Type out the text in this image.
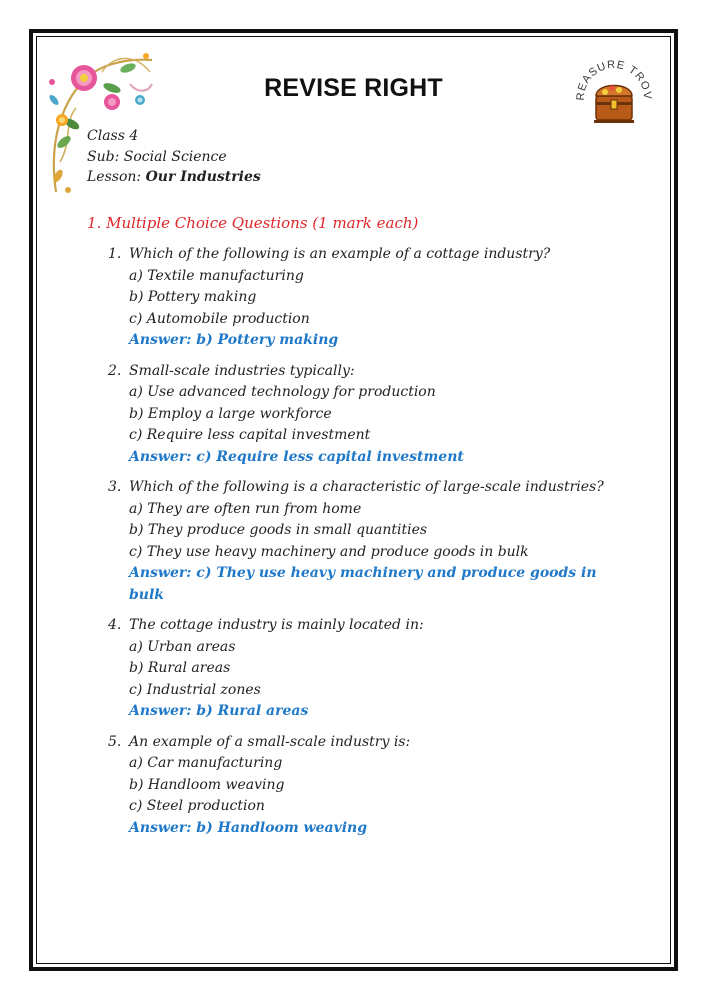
REASURE TROV
REVISE RIGHT
Class 4
Sub: Social Science
Lesson: Our Industries
1. Multiple Choice Questions (1 mark each)
1. Which of the following is an example of a cottage industry?
a) Textile manufacturing
b) Pottery making
c) Automobile production
Answer: b) Pottery making
2. Small-scale industries typically:
a) Use advanced technology for production
b) Employ a large workforce
c) Require less capital investment
Answer: c) Require less capital investment
3. Which of the following is a characteristic of large-scale industries?
a) They are often run from home
b) They produce goods in small quantities
c) They use heavy machinery and produce goods in bulk
Answer: c) They use heavy machinery and produce goods in bulk
4. The cottage industry is mainly located in:
a) Urban areas
b) Rural areas
c) Industrial zones
Answer: b) Rural areas
5. An example of a small-scale industry is:
a) Car manufacturing
b) Handloom weaving
c) Steel production
Answer: b) Handloom weaving
